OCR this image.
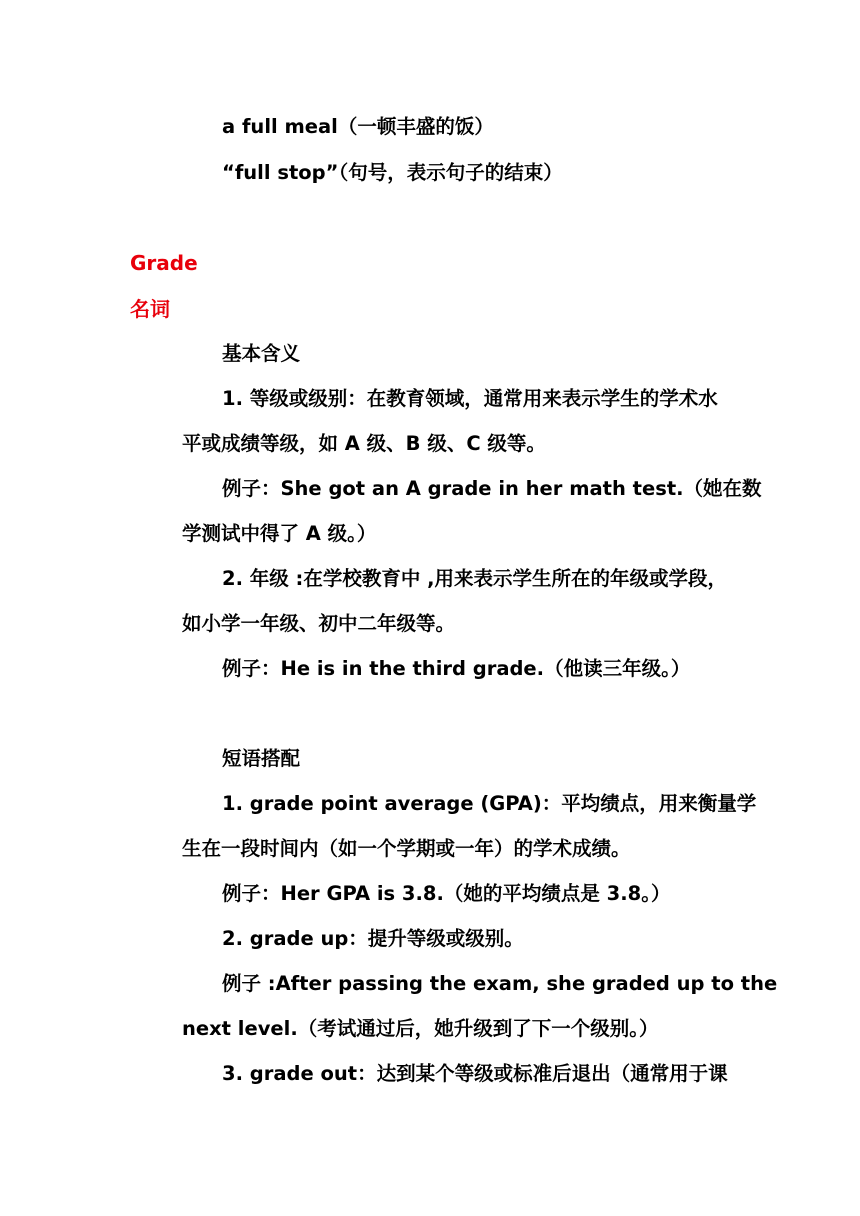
a full meal（一顿丰盛的饭）
“full stop”（句号，表示句子的结束）
Grade
名词
基本含义
1. 等级或级别：在教育领域，通常用来表示学生的学术水
平或成绩等级，如 A 级、B 级、C 级等。
例子：She got an A grade in her math test.（她在数
学测试中得了 A 级。）
2. 年级 :在学校教育中 ,用来表示学生所在的年级或学段，
如小学一年级、初中二年级等。
例子：He is in the third grade.（他读三年级。）
短语搭配
1. grade point average (GPA)：平均绩点，用来衡量学
生在一段时间内（如一个学期或一年）的学术成绩。
例子：Her GPA is 3.8.（她的平均绩点是 3.8。）
2. grade up：提升等级或级别。
例子 :After passing the exam, she graded up to the
next level.（考试通过后，她升级到了下一个级别。）
3. grade out：达到某个等级或标准后退出（通常用于课
